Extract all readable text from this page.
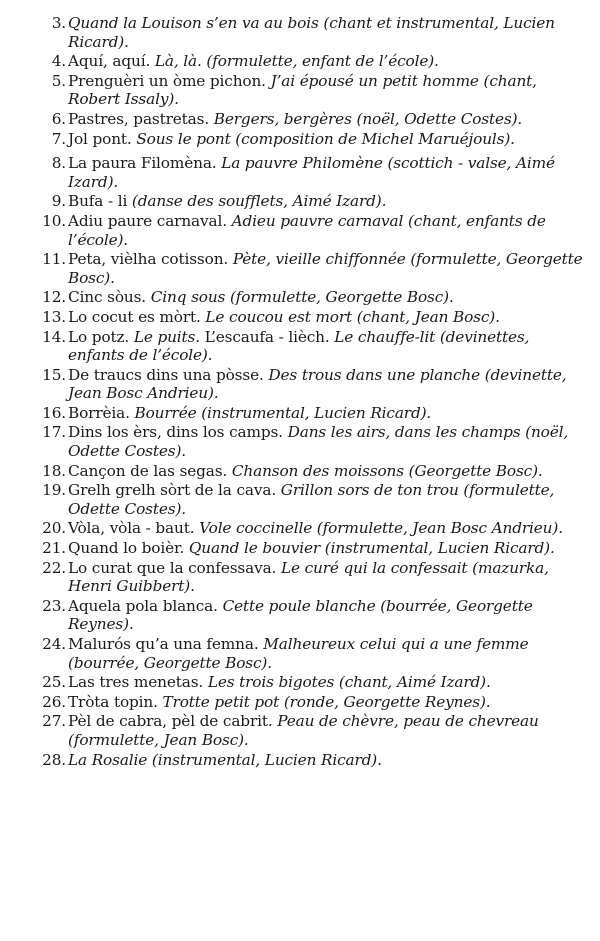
3. Quand la Louison s’en va au bois (chant et instrumental, Lucien Ricard).
4. Aquí, aquí. Là, là. (formulette, enfant de l’école).
5. Prenguèri un òme pichon. J’ai épousé un petit homme (chant, Robert Issaly).
6. Pastres, pastretas. Bergers, bergères (noël, Odette Costes).
7. Jol pont. Sous le pont (composition de Michel Maruéjouls).
8. La paura Filomèna. La pauvre Philomène (scottich - valse, Aimé Izard).
9. Bufa - li (danse des soufflets, Aimé Izard).
10. Adiu paure carnaval. Adieu pauvre carnaval (chant, enfants de l’école).
11. Peta, vièlha cotisson. Pète, vieille chiffonnée (formulette, Georgette Bosc).
12. Cinc sòus. Cinq sous (formulette, Georgette Bosc).
13. Lo cocut es mòrt. Le coucou est mort (chant, Jean Bosc).
14. Lo potz. Le puits. L’escaufa - lièch. Le chauffe-lit (devinettes, enfants de l’école).
15. De traucs dins una pòsse. Des trous dans une planche (devinette, Jean Bosc Andrieu).
16. Borrèia. Bourrée (instrumental, Lucien Ricard).
17. Dins los èrs, dins los camps. Dans les airs, dans les champs (noël, Odette Costes).
18. Cançon de las segas. Chanson des moissons (Georgette Bosc).
19. Grelh grelh sòrt de la cava. Grillon sors de ton trou (formulette, Odette Costes).
20. Vòla, vòla - baut. Vole coccinelle (formulette, Jean Bosc Andrieu).
21. Quand lo boièr. Quand le bouvier (instrumental, Lucien Ricard).
22. Lo curat que la confessava. Le curé qui la confessait (mazurka, Henri Guibbert).
23. Aquela pola blanca. Cette poule blanche (bourrée, Georgette Reynes).
24. Malurós qu’a una femna. Malheureux celui qui a une femme (bourrée, Georgette Bosc).
25. Las tres menetas. Les trois bigotes (chant, Aimé Izard).
26. Tròta topin. Trotte petit pot (ronde, Georgette Reynes).
27. Pèl de cabra, pèl de cabrit. Peau de chèvre, peau de chevreau (formulette, Jean Bosc).
28. La Rosalie (instrumental, Lucien Ricard).
